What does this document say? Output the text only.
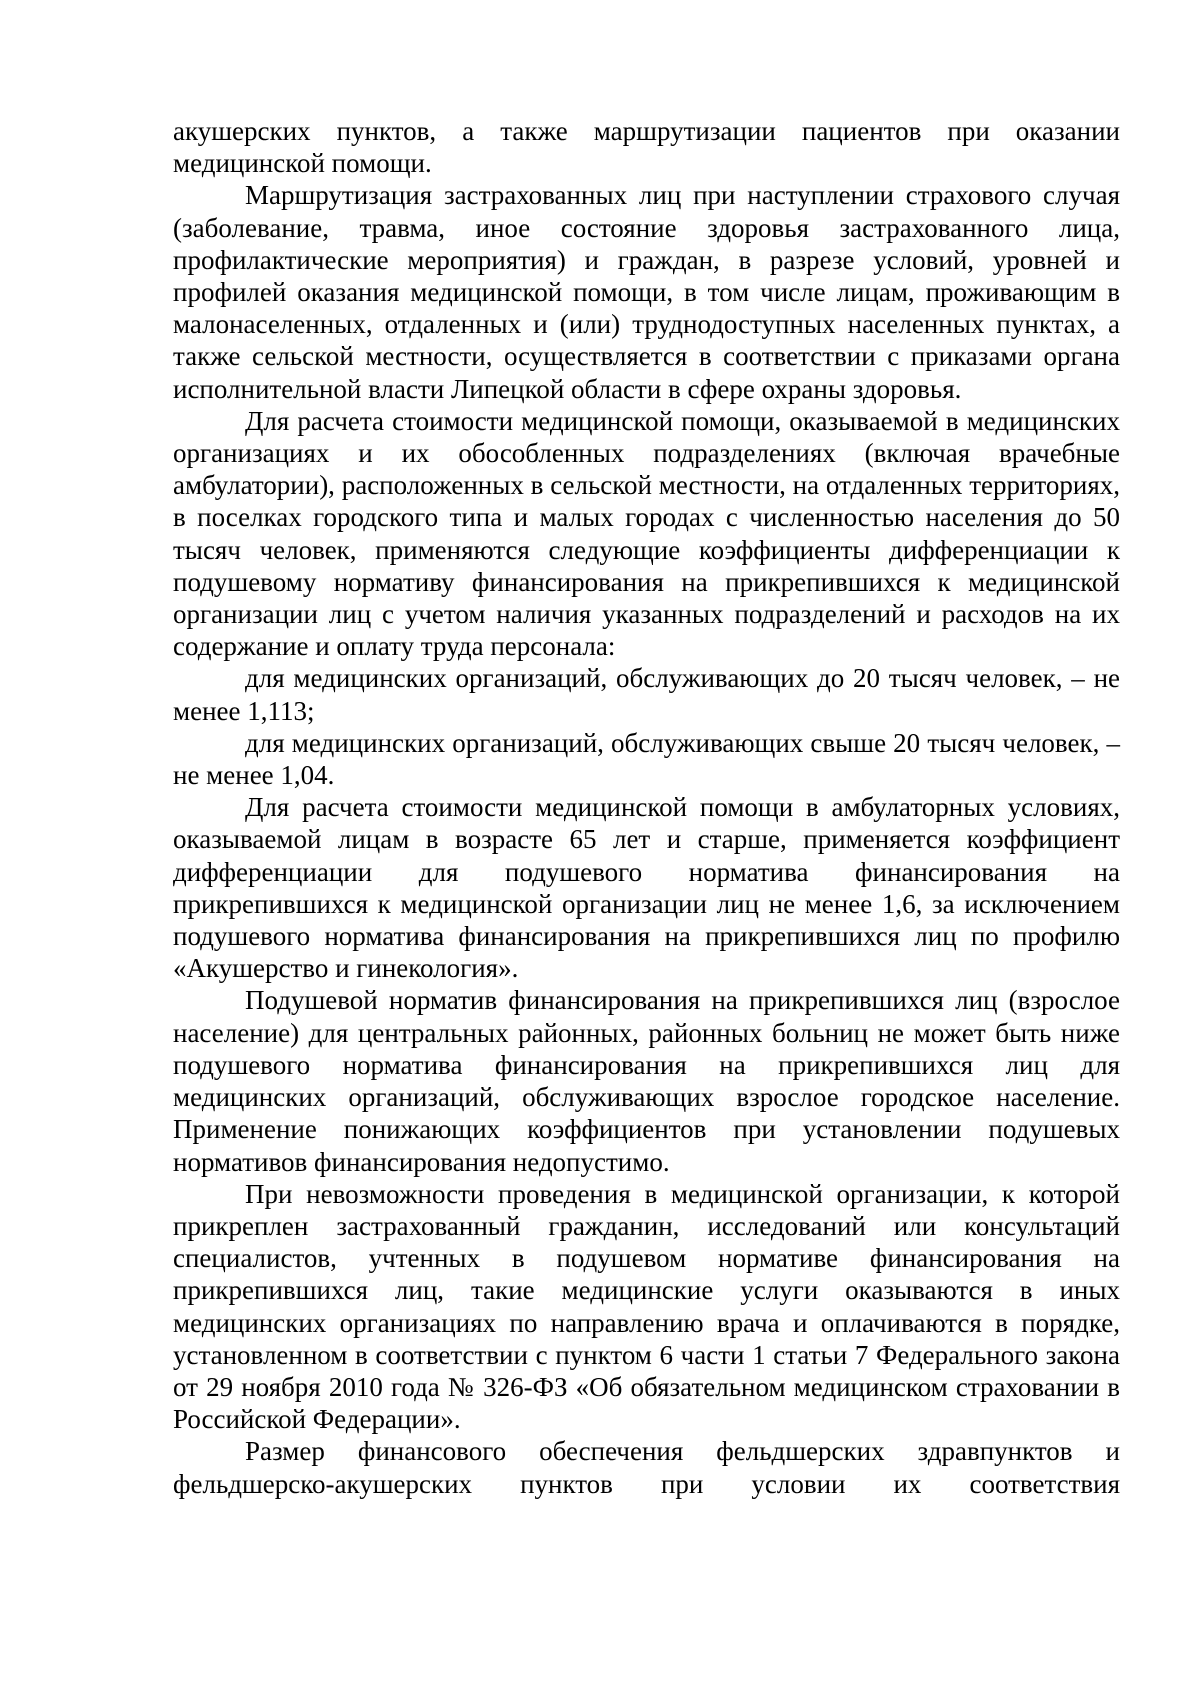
акушерских пунктов, а также маршрутизации пациентов при оказании медицинской помощи.

Маршрутизация застрахованных лиц при наступлении страхового случая (заболевание, травма, иное состояние здоровья застрахованного лица, профилактические мероприятия) и граждан, в разрезе условий, уровней и профилей оказания медицинской помощи, в том числе лицам, проживающим в малонаселенных, отдаленных и (или) труднодоступных населенных пунктах, а также сельской местности, осуществляется в соответствии с приказами органа исполнительной власти Липецкой области в сфере охраны здоровья.

Для расчета стоимости медицинской помощи, оказываемой в медицинских организациях и их обособленных подразделениях (включая врачебные амбулатории), расположенных в сельской местности, на отдаленных территориях, в поселках городского типа и малых городах с численностью населения до 50 тысяч человек, применяются следующие коэффициенты дифференциации к подушевому нормативу финансирования на прикрепившихся к медицинской организации лиц с учетом наличия указанных подразделений и расходов на их содержание и оплату труда персонала:

для медицинских организаций, обслуживающих до 20 тысяч человек, – не менее 1,113;

для медицинских организаций, обслуживающих свыше 20 тысяч человек, – не менее 1,04.

Для расчета стоимости медицинской помощи в амбулаторных условиях, оказываемой лицам в возрасте 65 лет и старше, применяется коэффициент дифференциации для подушевого норматива финансирования на прикрепившихся к медицинской организации лиц не менее 1,6, за исключением подушевого норматива финансирования на прикрепившихся лиц по профилю «Акушерство и гинекология».

Подушевой норматив финансирования на прикрепившихся лиц (взрослое население) для центральных районных, районных больниц не может быть ниже подушевого норматива финансирования на прикрепившихся лиц для медицинских организаций, обслуживающих взрослое городское население. Применение понижающих коэффициентов при установлении подушевых нормативов финансирования недопустимо.

При невозможности проведения в медицинской организации, к которой прикреплен застрахованный гражданин, исследований или консультаций специалистов, учтенных в подушевом нормативе финансирования на прикрепившихся лиц, такие медицинские услуги оказываются в иных медицинских организациях по направлению врача и оплачиваются в порядке, установленном в соответствии с пунктом 6 части 1 статьи 7 Федерального закона от 29 ноября 2010 года № 326-ФЗ «Об обязательном медицинском страховании в Российской Федерации».

Размер финансового обеспечения фельдшерских здравпунктов и фельдшерско-акушерских пунктов при условии их соответствия
